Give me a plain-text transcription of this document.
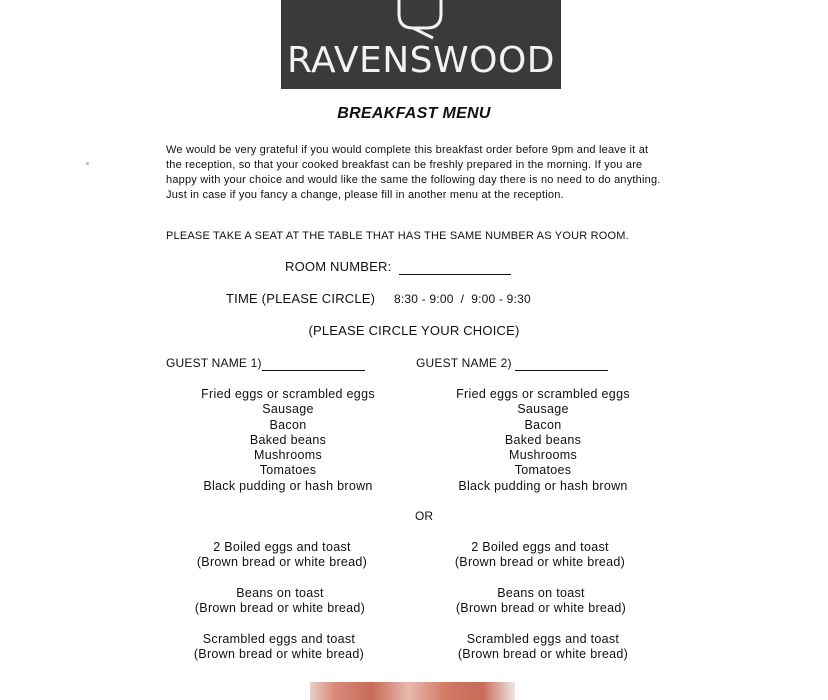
RAVENSWOOD
BREAKFAST MENU
We would be very grateful if you would complete this breakfast order before 9pm and leave it at the reception, so that your cooked breakfast can be freshly prepared in the morning. If you are happy with your choice and would like the same the following day there is no need to do anything. Just in case if you fancy a change, please fill in another menu at the reception.
PLEASE TAKE A SEAT AT THE TABLE THAT HAS THE SAME NUMBER AS YOUR ROOM.
ROOM NUMBER:
TIME (PLEASE CIRCLE) 8:30 - 9:00  /  9:00 - 9:30
(PLEASE CIRCLE YOUR CHOICE)
GUEST NAME 1)	GUEST NAME 2)
Fried eggs or scrambled eggs
Sausage
Bacon
Baked beans
Mushrooms
Tomatoes
Black pudding or hash brown
Fried eggs or scrambled eggs
Sausage
Bacon
Baked beans
Mushrooms
Tomatoes
Black pudding or hash brown
OR
2 Boiled eggs and toast
(Brown bread or white bread)
2 Boiled eggs and toast
(Brown bread or white bread)
Beans on toast
(Brown bread or white bread)
Beans on toast
(Brown bread or white bread)
Scrambled eggs and toast
(Brown bread or white bread)
Scrambled eggs and toast
(Brown bread or white bread)
